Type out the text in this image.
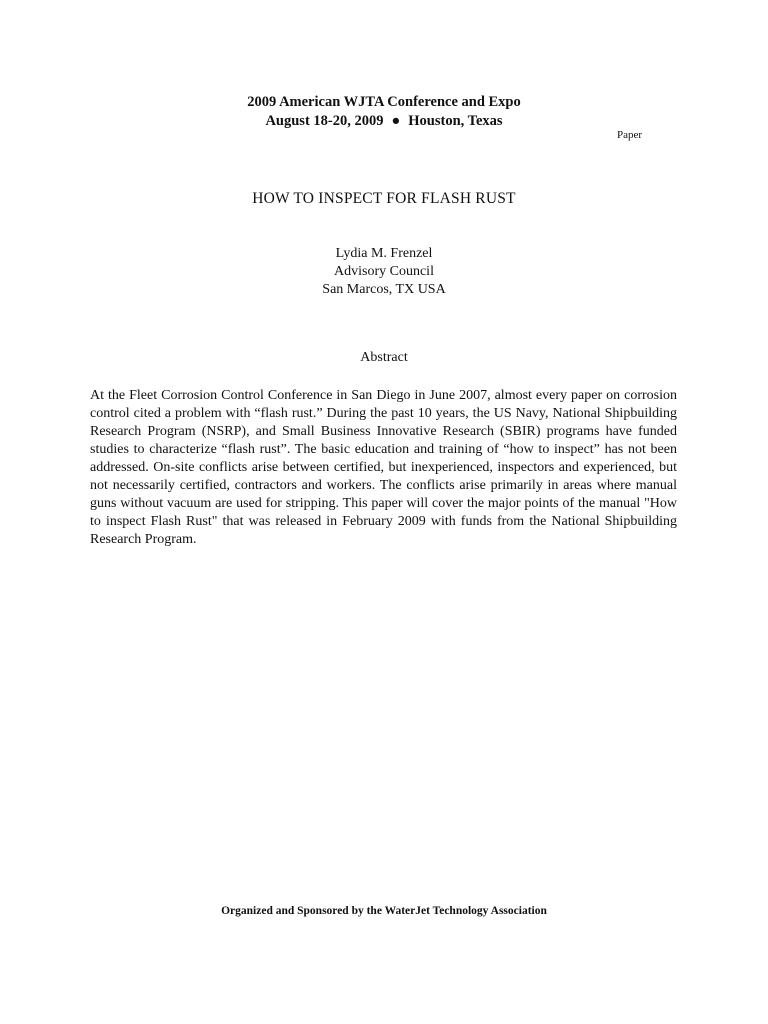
2009 American WJTA Conference and Expo
August 18-20, 2009 ● Houston, Texas
Paper
HOW TO INSPECT FOR FLASH RUST
Lydia M. Frenzel
Advisory Council
San Marcos, TX USA
Abstract
At the Fleet Corrosion Control Conference in San Diego in June 2007, almost every paper on corrosion control cited a problem with “flash rust.” During the past 10 years, the US Navy, National Shipbuilding Research Program (NSRP), and Small Business Innovative Research (SBIR) programs have funded studies to characterize “flash rust”. The basic education and training of “how to inspect” has not been addressed. On-site conflicts arise between certified, but inexperienced, inspectors and experienced, but not necessarily certified, contractors and workers. The conflicts arise primarily in areas where manual guns without vacuum are used for stripping. This paper will cover the major points of the manual "How to inspect Flash Rust" that was released in February 2009 with funds from the National Shipbuilding Research Program.
Organized and Sponsored by the WaterJet Technology Association
